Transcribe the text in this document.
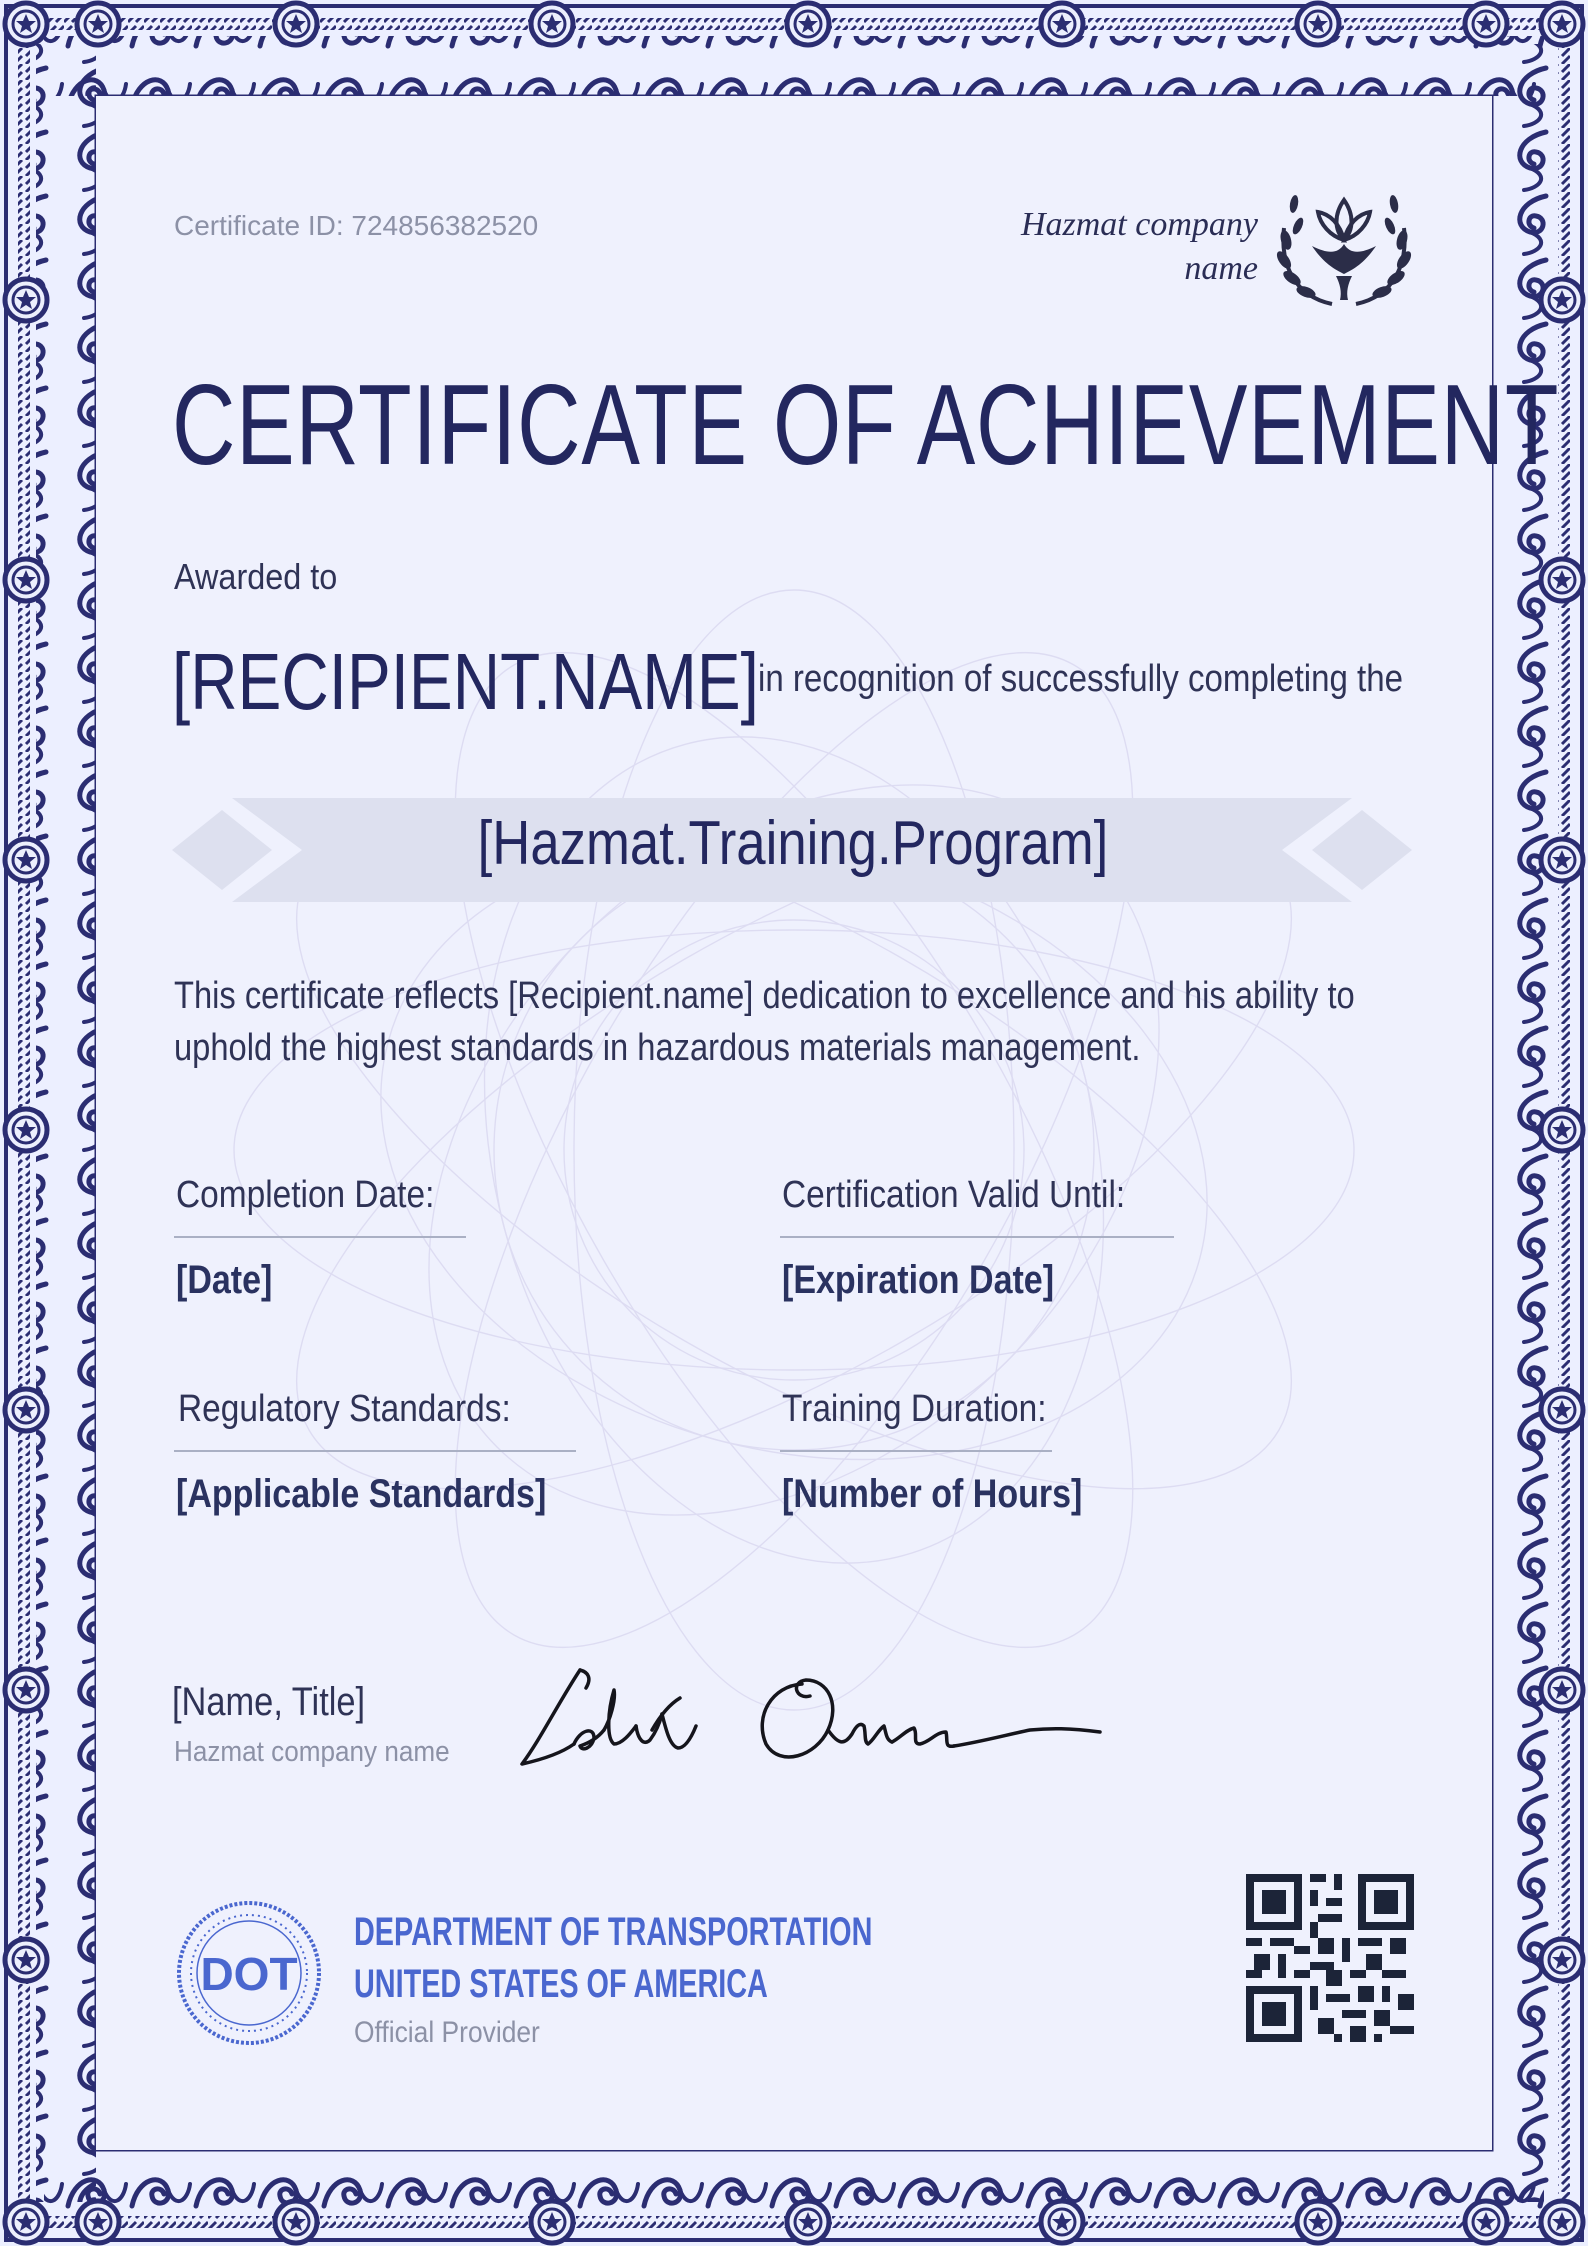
Certificate ID: 724856382520	Hazmat company name
CERTIFICATE OF ACHIEVEMENT
Awarded to
[RECIPIENT.NAME] in recognition of successfully completing the
[Hazmat.Training.Program]
This certificate reflects [Recipient.name] dedication to excellence and his ability to uphold the highest standards in hazardous materials management.
Completion Date:
[Date]
Certification Valid Until:
[Expiration Date]
Regulatory Standards:
[Applicable Standards]
Training Duration:
[Number of Hours]
[Name, Title]
Hazmat company name
DOT
DEPARTMENT OF TRANSPORTATION
UNITED STATES OF AMERICA
Official Provider
